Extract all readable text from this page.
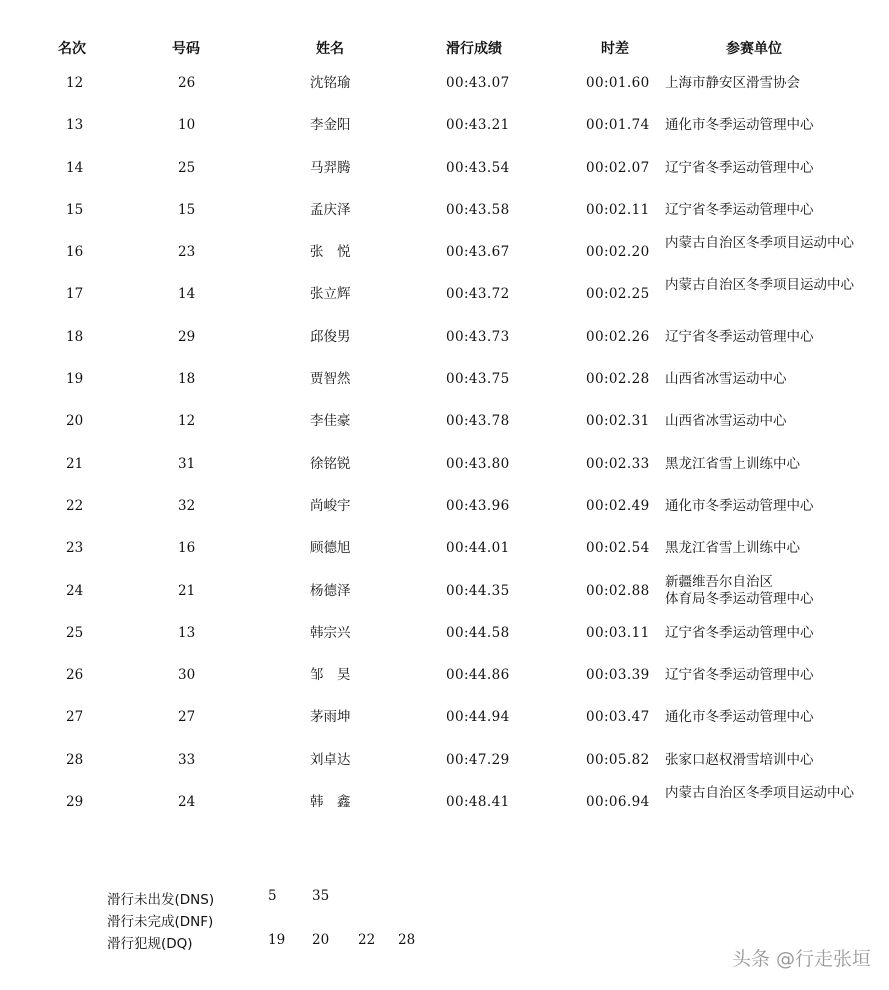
名次	号码	姓名	滑行成绩	时差	参赛单位
12	26	沈铭瑜	00:43.07	00:01.60 上海市静安区滑雪协会
13	10	李金阳	00:43.21	00:01.74 通化市冬季运动管理中心
14	25	马羿腾	00:43.54	00:02.07 辽宁省冬季运动管理中心
15	15	孟庆泽	00:43.58	00:02.11 辽宁省冬季运动管理中心
16	23	张　悦	00:43.67	00:02.20
内蒙古自治区冬季项目运动中心
17	14	张立辉	00:43.72	00:02.25
内蒙古自治区冬季项目运动中心
18	29	邱俊男	00:43.73	00:02.26 辽宁省冬季运动管理中心
19	18	贾智然	00:43.75	00:02.28 山西省冰雪运动中心
20	12	李佳豪	00:43.78	00:02.31 山西省冰雪运动中心
21	31	徐铭锐	00:43.80	00:02.33 黑龙江省雪上训练中心
22	32	尚峻宇	00:43.96	00:02.49 通化市冬季运动管理中心
23	16	顾德旭	00:44.01	00:02.54 黑龙江省雪上训练中心
24	21	杨德泽	00:44.35	00:02.88
新疆维吾尔自治区
体育局冬季运动管理中心
25	13	韩宗兴	00:44.58	00:03.11 辽宁省冬季运动管理中心
26	30	邹　昊	00:44.86	00:03.39 辽宁省冬季运动管理中心
27	27	茅雨坤	00:44.94	00:03.47 通化市冬季运动管理中心
28	33	刘卓达	00:47.29	00:05.82 张家口赵权滑雪培训中心
29	24	韩　鑫	00:48.41	00:06.94
内蒙古自治区冬季项目运动中心
滑行未出发(DNS)	5	35
滑行未完成(DNF)
滑行犯规(DQ)	19 20 22 28
头条 @行走张垣
